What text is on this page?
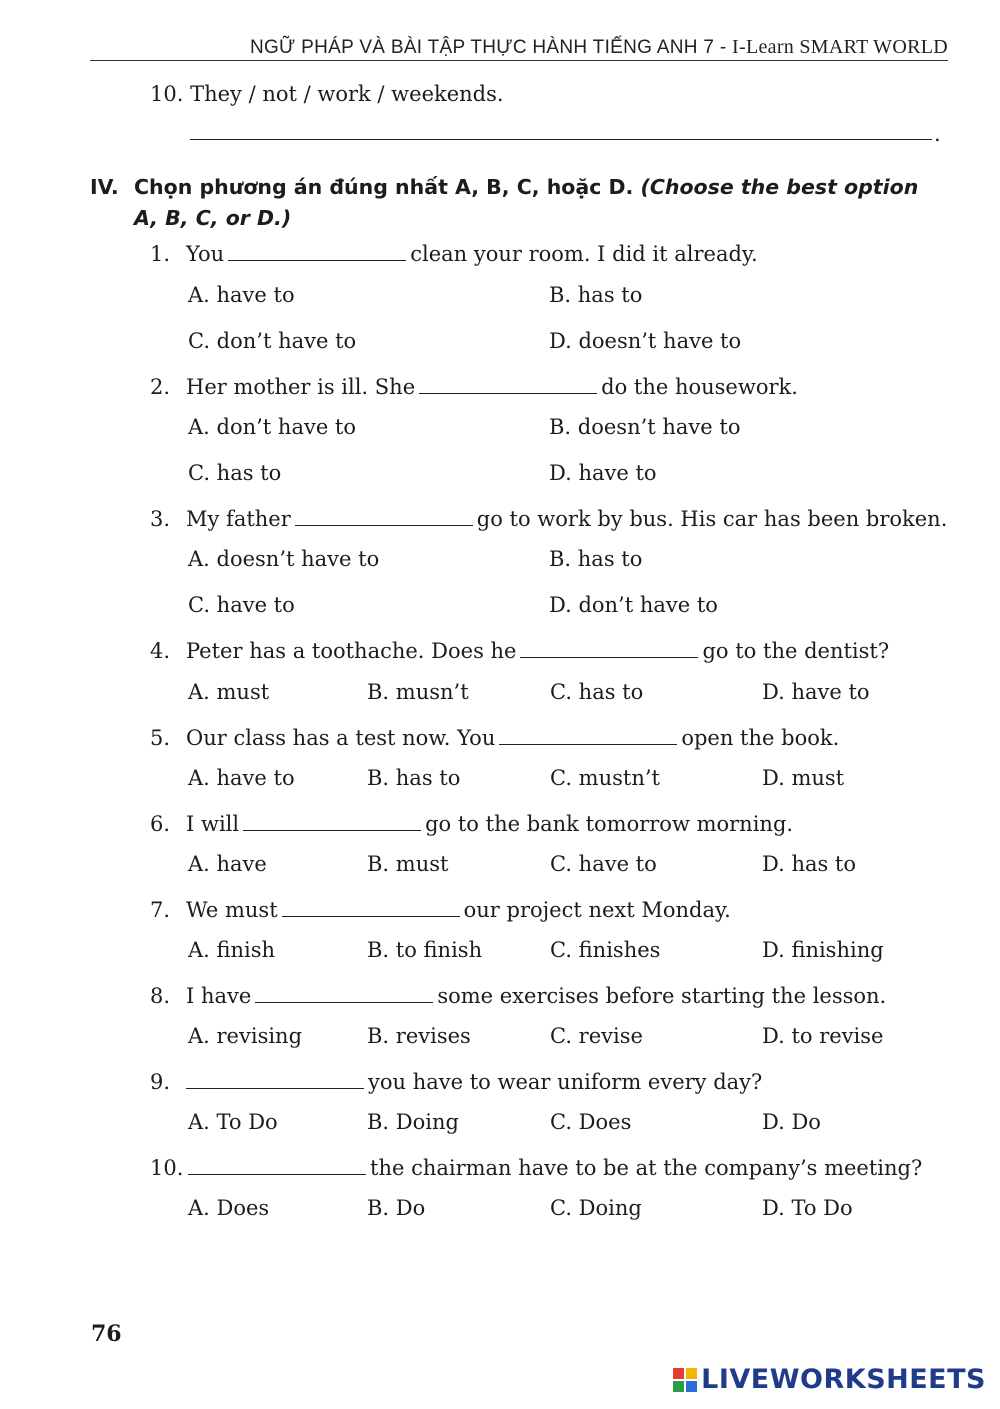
NGỮ PHÁP VÀ BÀI TẬP THỰC HÀNH TIẾNG ANH 7 - I-Learn SMART WORLD
10. They / not / work / weekends.
.
IV. Chọn phương án đúng nhất A, B, C, hoặc D. (Choose the best option
A, B, C, or D.)
1. You	clean your room. I did it already.
A. have to	B. has to
C. don’t have to	D. doesn’t have to
2. Her mother is ill. She	do the housework.
A. don’t have to	B. doesn’t have to
C. has to	D. have to
3. My father	go to work by bus. His car has been broken.
A. doesn’t have to	B. has to
C. have to	D. don’t have to
4. Peter has a toothache. Does he	go to the dentist?
A. must	B. musn’t	C. has to	D. have to
5. Our class has a test now. You	open the book.
A. have to	B. has to	C. mustn’t	D. must
6. I will	go to the bank tomorrow morning.
A. have	B. must	C. have to	D. has to
7. We must	our project next Monday.
A. finish	B. to finish	C. finishes	D. finishing
8. I have	some exercises before starting the lesson.
A. revising	B. revises	C. revise	D. to revise
9.	you have to wear uniform every day?
A. To Do	B. Doing	C. Does	D. Do
10.	the chairman have to be at the company’s meeting?
A. Does	B. Do	C. Doing	D. To Do
76
LIVEWORKSHEETS
